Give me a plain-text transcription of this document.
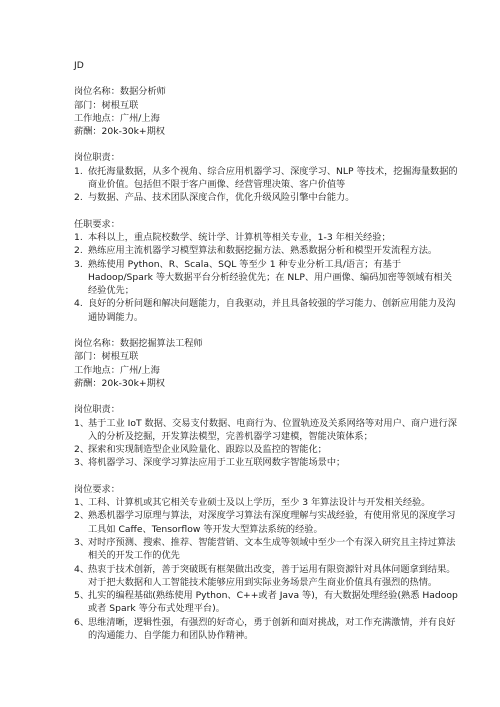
JD
岗位名称：数据分析师
部门：树根互联
工作地点：广州/上海
薪酬：20k-30k+期权
岗位职责：
1. 依托海量数据，从多个视角、综合应用机器学习、深度学习、NLP 等技术，挖掘海量数据的商业价值。包括但不限于客户画像、经营管理决策、客户价值等
2. 与数据、产品、技术团队深度合作，优化升级风险引擎中台能力。
任职要求：
1. 本科以上，重点院校数学、统计学、计算机等相关专业，1-3 年相关经验；
2. 熟练应用主流机器学习模型算法和数据挖掘方法、熟悉数据分析和模型开发流程方法。
3. 熟练使用 Python、R、Scala、SQL 等至少 1 种专业分析工具/语言；有基于 Hadoop/Spark 等大数据平台分析经验优先；在 NLP、用户画像、编码加密等领域有相关经验优先；
4. 良好的分析问题和解决问题能力，自我驱动，并且具备较强的学习能力、创新应用能力及沟通协调能力。
岗位名称：数据挖掘算法工程师
部门：树根互联
工作地点：广州/上海
薪酬：20k-30k+期权
岗位职责：
1、
基于工业 IoT 数据、交易支付数据、电商行为、位置轨迹及关系网络等对用户、商户进行深入的分析及挖掘，开发算法模型，完善机器学习建模，智能决策体系；
2、
探索和实现制造型企业风险量化、跟踪以及监控的智能化；
3、
将机器学习、深度学习算法应用于工业互联网数字智能场景中；
岗位要求：
1、
工科、计算机或其它相关专业硕士及以上学历，至少 3 年算法设计与开发相关经验。
2、
熟悉机器学习原理与算法，对深度学习算法有深度理解与实战经验，有使用常见的深度学习工具如 Caffe、Tensorflow 等开发大型算法系统的经验。
3、
对时序预测、搜索、推荐、智能营销、文本生成等领域中至少一个有深入研究且主持过算法相关的开发工作的优先
4、
热衷于技术创新，善于突破既有框架做出改变，善于运用有限资源针对具体问题拿到结果。对于把大数据和人工智能技术能够应用到实际业务场景产生商业价值具有强烈的热情。
5、
扎实的编程基础(熟练使用 Python、C++或者 Java 等)，有大数据处理经验(熟悉 Hadoop 或者 Spark 等分布式处理平台)。
6、
思维清晰，逻辑性强，有强烈的好奇心，勇于创新和面对挑战，对工作充满激情，并有良好的沟通能力、自学能力和团队协作精神。
